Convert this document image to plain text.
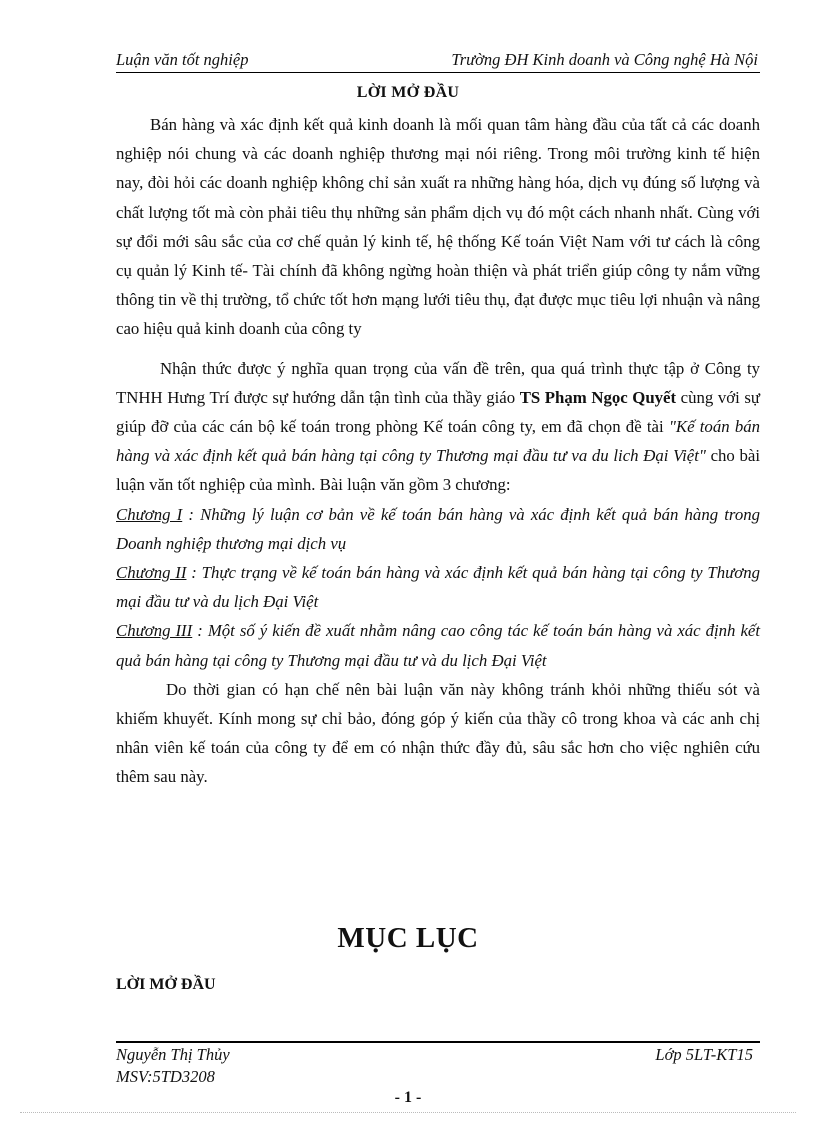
Luận văn tốt nghiệp	Trường ĐH Kinh doanh và Công nghệ Hà Nội
LỜI MỞ ĐẦU

Bán hàng và xác định kết quả kinh doanh là mối quan tâm hàng đầu của tất cả các doanh nghiệp nói chung và các doanh nghiệp thương mại nói riêng. Trong môi trường kinh tế hiện nay, đòi hỏi các doanh nghiệp không chỉ sản xuất ra những hàng hóa, dịch vụ đúng số lượng và chất lượng tốt mà còn phải tiêu thụ những sản phẩm dịch vụ đó một cách nhanh nhất. Cùng với sự đổi mới sâu sắc của cơ chế quản lý kinh tế, hệ thống Kế toán Việt Nam với tư cách là công cụ quản lý Kinh tế- Tài chính đã không ngừng hoàn thiện và phát triển giúp công ty nắm vững thông tin về thị trường, tổ chức tốt hơn mạng lưới tiêu thụ, đạt được mục tiêu lợi nhuận và nâng cao hiệu quả kinh doanh của công ty

Nhận thức được ý nghĩa quan trọng của vấn đề trên, qua quá trình thực tập ở Công ty TNHH Hưng Trí được sự hướng dẫn tận tình của thầy giáo TS Phạm Ngọc Quyết cùng với sự giúp đỡ của các cán bộ kế toán trong phòng Kế toán công ty, em đã chọn đề tài "Kế toán bán hàng và xác định kết quả bán hàng tại công ty Thương mại đầu tư va du lich Đại Việt" cho bài luận văn tốt nghiệp của mình. Bài luận văn gồm 3 chương:

Chương I : Những lý luận cơ bản về kế toán bán hàng và xác định kết quả bán hàng trong Doanh nghiệp thương mại dịch vụ

Chương II : Thực trạng về kế toán bán hàng và xác định kết quả bán hàng tại công ty Thương mại đầu tư và du lịch Đại Việt

Chương III : Một số ý kiến đề xuất nhằm nâng cao công tác kế toán bán hàng và xác định kết quả bán hàng tại công ty Thương mại đầu tư và du lịch Đại Việt

Do thời gian có hạn chế nên bài luận văn này không tránh khỏi những thiếu sót và khiếm khuyết. Kính mong sự chỉ bảo, đóng góp ý kiến của thầy cô trong khoa và các anh chị nhân viên kế toán của công ty để em có nhận thức đầy đủ, sâu sắc hơn cho việc nghiên cứu thêm sau này.

MỤC LỤC
LỜI MỞ ĐẦU
Nguyễn Thị Thủy	Lớp 5LT-KT15
MSV:5TD3208
- 1 -
